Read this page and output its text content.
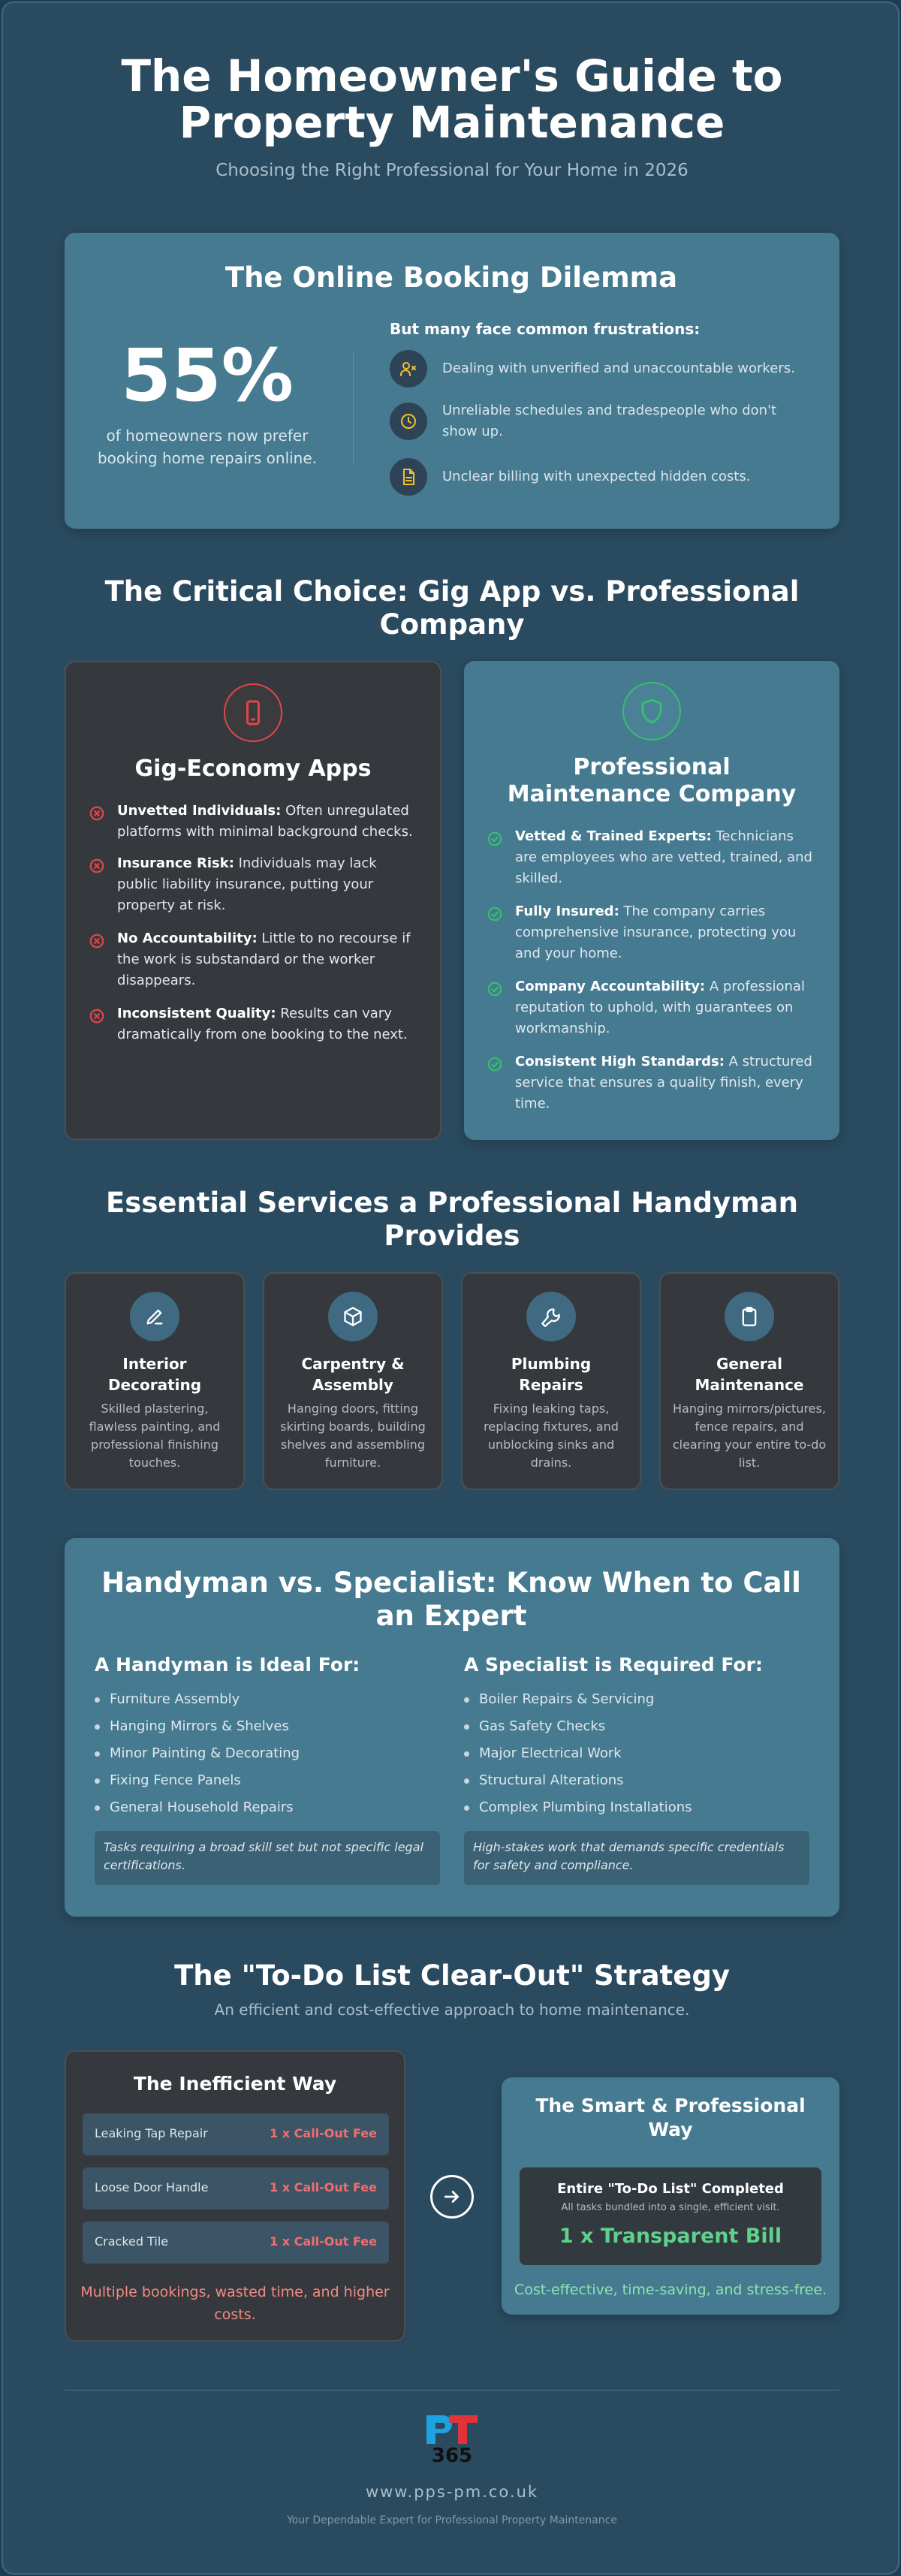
The Homeowner's Guide to
Property Maintenance
Choosing the Right Professional for Your Home in 2026
The Online Booking Dilemma
55%
of homeowners now prefer
booking home repairs online.
But many face common frustrations:
Dealing with unverified and unaccountable workers.
Unreliable schedules and tradespeople who don't show up.
Unclear billing with unexpected hidden costs.
The Critical Choice: Gig App vs. Professional
Company
Gig-Economy Apps
Unvetted Individuals: Often unregulated platforms with minimal background checks.
Insurance Risk: Individuals may lack public liability insurance, putting your property at risk.
No Accountability: Little to no recourse if the work is substandard or the worker disappears.
Inconsistent Quality: Results can vary dramatically from one booking to the next.
Professional
Maintenance Company
Vetted & Trained Experts: Technicians are employees who are vetted, trained, and skilled.
Fully Insured: The company carries comprehensive insurance, protecting you and your home.
Company Accountability: A professional reputation to uphold, with guarantees on workmanship.
Consistent High Standards: A structured service that ensures a quality finish, every time.
Essential Services a Professional Handyman
Provides
Interior
Decorating
Skilled plastering, flawless painting, and professional finishing touches.
Carpentry &
Assembly
Hanging doors, fitting skirting boards, building shelves and assembling furniture.
Plumbing
Repairs
Fixing leaking taps, replacing fixtures, and unblocking sinks and drains.
General
Maintenance
Hanging mirrors/pictures, fence repairs, and clearing your entire to-do list.
Handyman vs. Specialist: Know When to Call
an Expert
A Handyman is Ideal For:
Furniture Assembly
Hanging Mirrors & Shelves
Minor Painting & Decorating
Fixing Fence Panels
General Household Repairs
Tasks requiring a broad skill set but not specific legal certifications.
A Specialist is Required For:
Boiler Repairs & Servicing
Gas Safety Checks
Major Electrical Work
Structural Alterations
Complex Plumbing Installations
High-stakes work that demands specific credentials for safety and compliance.
The "To-Do List Clear-Out" Strategy
An efficient and cost-effective approach to home maintenance.
The Inefficient Way
Leaking Tap Repair	1 x Call-Out Fee
Loose Door Handle	1 x Call-Out Fee
Cracked Tile	1 x Call-Out Fee
Multiple bookings, wasted time, and higher
costs.
The Smart & Professional
Way
Entire "To-Do List" Completed
All tasks bundled into a single, efficient visit.
1 x Transparent Bill
Cost-effective, time-saving, and stress-free.
365
www.pps-pm.co.uk
Your Dependable Expert for Professional Property Maintenance
